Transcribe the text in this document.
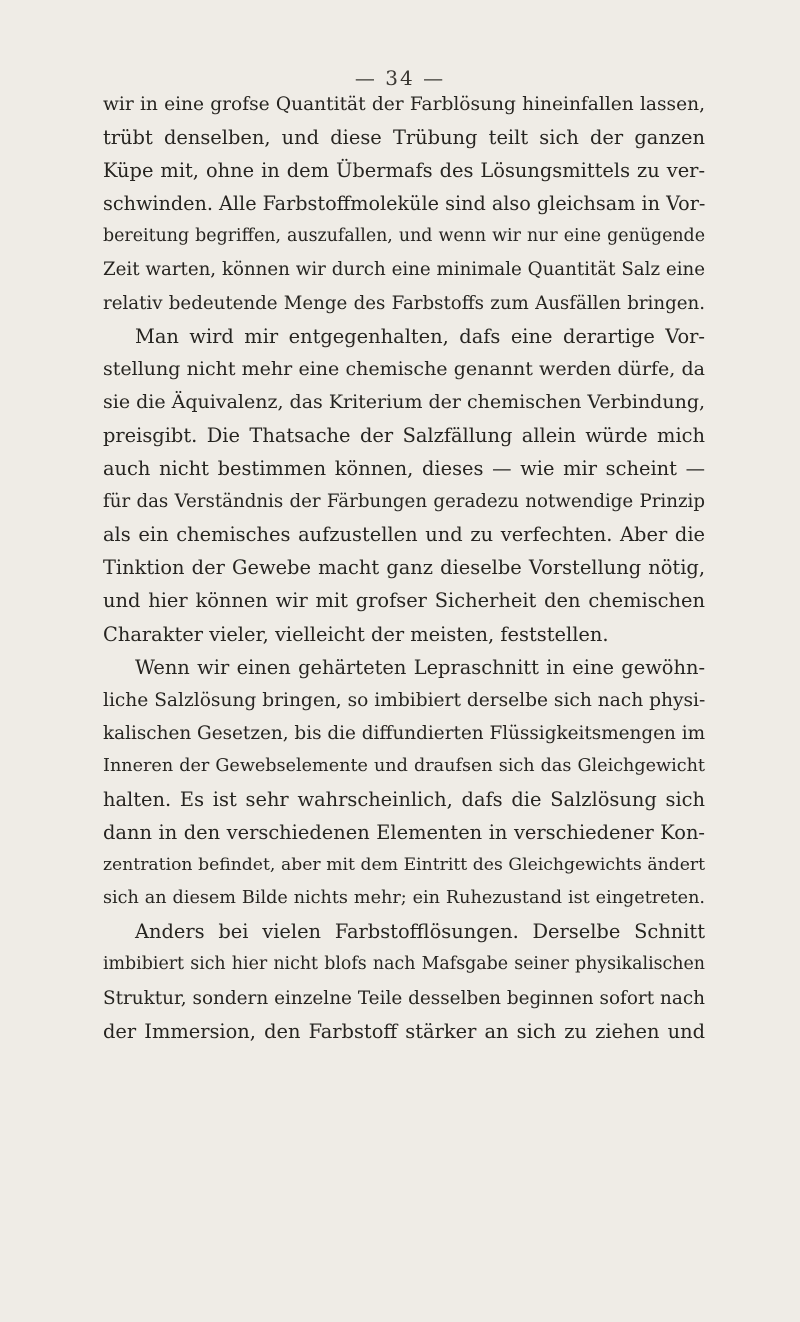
— 34 —
wir in eine grofse Quantität der Farblösung hineinfallen lassen,
trübt denselben, und diese Trübung teilt sich der ganzen
Küpe mit, ohne in dem Übermafs des Lösungsmittels zu ver-
schwinden. Alle Farbstoffmoleküle sind also gleichsam in Vor-
bereitung begriffen, auszufallen, und wenn wir nur eine genügende
Zeit warten, können wir durch eine minimale Quantität Salz eine
relativ bedeutende Menge des Farbstoffs zum Ausfällen bringen.
Man wird mir entgegenhalten, dafs eine derartige Vor-
stellung nicht mehr eine chemische genannt werden dürfe, da
sie die Äquivalenz, das Kriterium der chemischen Verbindung,
preisgibt. Die Thatsache der Salzfällung allein würde mich
auch nicht bestimmen können, dieses — wie mir scheint —
für das Verständnis der Färbungen geradezu notwendige Prinzip
als ein chemisches aufzustellen und zu verfechten. Aber die
Tinktion der Gewebe macht ganz dieselbe Vorstellung nötig,
und hier können wir mit grofser Sicherheit den chemischen
Charakter vieler, vielleicht der meisten, feststellen.
Wenn wir einen gehärteten Lepraschnitt in eine gewöhn-
liche Salzlösung bringen, so imbibiert derselbe sich nach physi-
kalischen Gesetzen, bis die diffundierten Flüssigkeitsmengen im
Inneren der Gewebselemente und draufsen sich das Gleichgewicht
halten. Es ist sehr wahrscheinlich, dafs die Salzlösung sich
dann in den verschiedenen Elementen in verschiedener Kon-
zentration befindet, aber mit dem Eintritt des Gleichgewichts ändert
sich an diesem Bilde nichts mehr; ein Ruhezustand ist eingetreten.
Anders bei vielen Farbstofflösungen. Derselbe Schnitt
imbibiert sich hier nicht blofs nach Mafsgabe seiner physikalischen
Struktur, sondern einzelne Teile desselben beginnen sofort nach
der Immersion, den Farbstoff stärker an sich zu ziehen und
